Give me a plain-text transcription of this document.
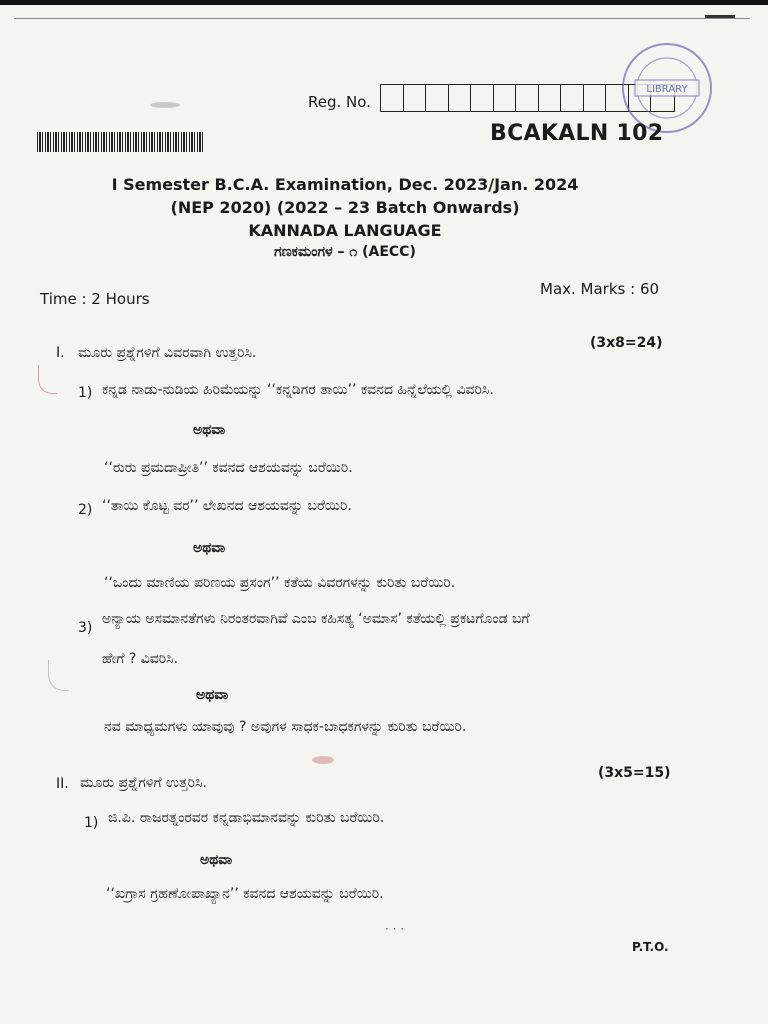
Reg. No.
LIBRARY
BCAKALN 102
I Semester B.C.A. Examination, Dec. 2023/Jan. 2024
(NEP 2020) (2022 – 23 Batch Onwards)
KANNADA LANGUAGE
ಗಣಕಮಂಗಳ – ೧ (AECC)
Time : 2 Hours
Max. Marks : 60
I. ಮೂರು ಪ್ರಶ್ನೆಗಳಿಗೆ ವಿವರವಾಗಿ ಉತ್ತರಿಸಿ.
(3x8=24)
1) ಕನ್ನಡ ನಾಡು-ನುಡಿಯ ಹಿರಿಮೆಯನ್ನು ‘‘ಕನ್ನಡಿಗರ ತಾಯಿ’’ ಕವನದ ಹಿನ್ನೆಲೆಯಲ್ಲಿ ವಿವರಿಸಿ.
ಅಥವಾ
‘‘ರುರು ಪ್ರಮದಾಪ್ರೀತಿ’’ ಕವನದ ಆಶಯವನ್ನು ಬರೆಯಿರಿ.
2) ‘‘ತಾಯಿ ಕೊಟ್ಟ ವರ’’ ಲೇಖನದ ಆಶಯವನ್ನು ಬರೆಯಿರಿ.
ಅಥವಾ
‘‘ಒಂದು ಮಾಣಿಯ ಪರಿಣಯ ಪ್ರಸಂಗ’’ ಕತೆಯ ವಿವರಗಳನ್ನು ಕುರಿತು ಬರೆಯಿರಿ.
3)
ಅನ್ಯಾಯ ಅಸಮಾನತೆಗಳು ನಿರಂತರವಾಗಿವೆ ಎಂಬ ಕಹಿಸತ್ಯ ‘ಅಮಾಸ’ ಕತೆಯಲ್ಲಿ ಪ್ರಕಟಗೊಂಡ ಬಗೆ
ಹೇಗೆ ? ವಿವರಿಸಿ.
ಅಥವಾ
ನವ ಮಾಧ್ಯಮಗಳು ಯಾವುವು ? ಅವುಗಳ ಸಾಧಕ-ಬಾಧಕಗಳನ್ನು ಕುರಿತು ಬರೆಯಿರಿ.
II. ಮೂರು ಪ್ರಶ್ನೆಗಳಿಗೆ ಉತ್ತರಿಸಿ.
(3x5=15)
1) ಜಿ.ಪಿ. ರಾಜರತ್ನಂರವರ ಕನ್ನಡಾಭಿಮಾನವನ್ನು ಕುರಿತು ಬರೆಯಿರಿ.
ಅಥವಾ
‘‘ಖಗ್ರಾಸ ಗ್ರಹಣೋಪಾಖ್ಯಾನ’’ ಕವನದ ಆಶಯವನ್ನು ಬರೆಯಿರಿ.
· · ·
P.T.O.
